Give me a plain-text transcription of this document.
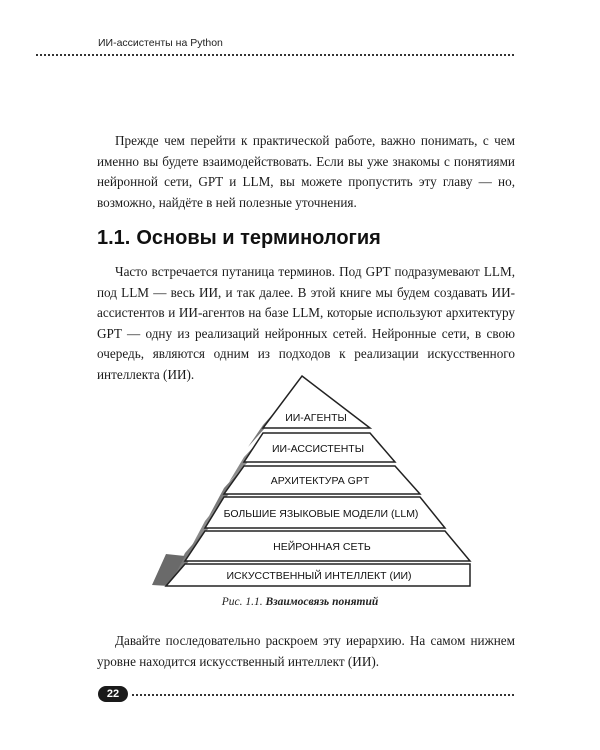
ИИ-ассистенты на Python

Прежде чем перейти к практической работе, важно понимать, с чем именно вы будете взаимодействовать. Если вы уже знакомы с понятиями нейронной сети, GPT и LLM, вы можете пропустить эту главу — но, возможно, найдёте в ней полезные уточнения.

1.1. Основы и терминология

Часто встречается путаница терминов. Под GPT подразумевают LLM, под LLM — весь ИИ, и так далее. В этой книге мы будем создавать ИИ-ассистентов и ИИ-агентов на базе LLM, которые используют архитектуру GPT — одну из реализаций нейронных сетей. Нейронные сети, в свою очередь, являются одним из подходов к реализации искусственного интеллекта (ИИ).

ИИ-АГЕНТЫ
ИИ-АССИСТЕНТЫ
АРХИТЕКТУРА GPT
БОЛЬШИЕ ЯЗЫКОВЫЕ МОДЕЛИ (LLM)
НЕЙРОННАЯ СЕТЬ
ИСКУССТВЕННЫЙ ИНТЕЛЛЕКТ (ИИ)
Рис. 1.1. Взаимосвязь понятий

Давайте последовательно раскроем эту иерархию. На самом нижнем уровне находится искусственный интеллект (ИИ).

22
